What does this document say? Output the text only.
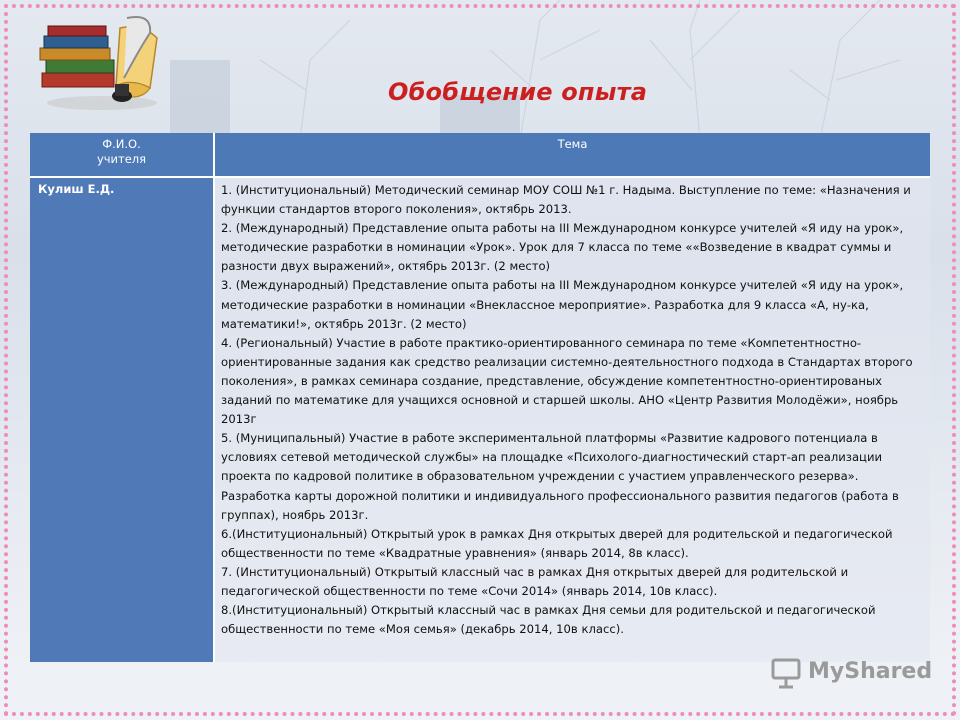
Обобщение опыта
Ф.И.О.
учителя
Тема
Кулиш Е.Д.	1. (Институциональный) Методический семинар МОУ СОШ №1 г. Надыма. Выступление по теме: «Назначения и функции стандартов второго поколения», октябрь 2013.

2. (Международный) Представление опыта работы на III Международном конкурсе учителей «Я иду на урок», методические разработки в номинации «Урок». Урок для 7 класса по теме ««Возведение в квадрат суммы и разности двух выражений», октябрь 2013г. (2 место)

3. (Международный) Представление опыта работы на III Международном конкурсе учителей «Я иду на урок», методические разработки в номинации «Внеклассное мероприятие». Разработка для 9 класса «А, ну-ка, математики!», октябрь 2013г. (2 место)

4. (Региональный) Участие в работе практико-ориентированного семинара по теме «Компетентностно-ориентированные задания как средство реализации системно-деятельностного подхода в Стандартах второго поколения», в рамках семинара создание, представление, обсуждение компетентностно-ориентированых заданий по математике для учащихся основной и старшей школы. АНО «Центр Развития Молодёжи», ноябрь 2013г

5. (Муниципальный) Участие в работе экспериментальной платформы «Развитие кадрового потенциала в условиях сетевой методической службы» на площадке «Психолого-диагностический старт-ап реализации проекта по кадровой политике в образовательном учреждении с участием управленческого резерва». Разработка карты дорожной политики и индивидуального профессионального развития педагогов (работа в группах), ноябрь 2013г.

6.(Институциональный) Открытый урок в рамках Дня открытых дверей для родительской и педагогической общественности по теме «Квадратные уравнения» (январь 2014, 8в класс).

7. (Институциональный) Открытый классный час в рамках Дня открытых дверей для родительской и педагогической общественности по теме «Сочи 2014» (январь 2014, 10в класс).

8.(Институциональный) Открытый классный час в рамках Дня семьи для родительской и педагогической общественности по теме «Моя семья» (декабрь 2014, 10в класс).

MyShared
